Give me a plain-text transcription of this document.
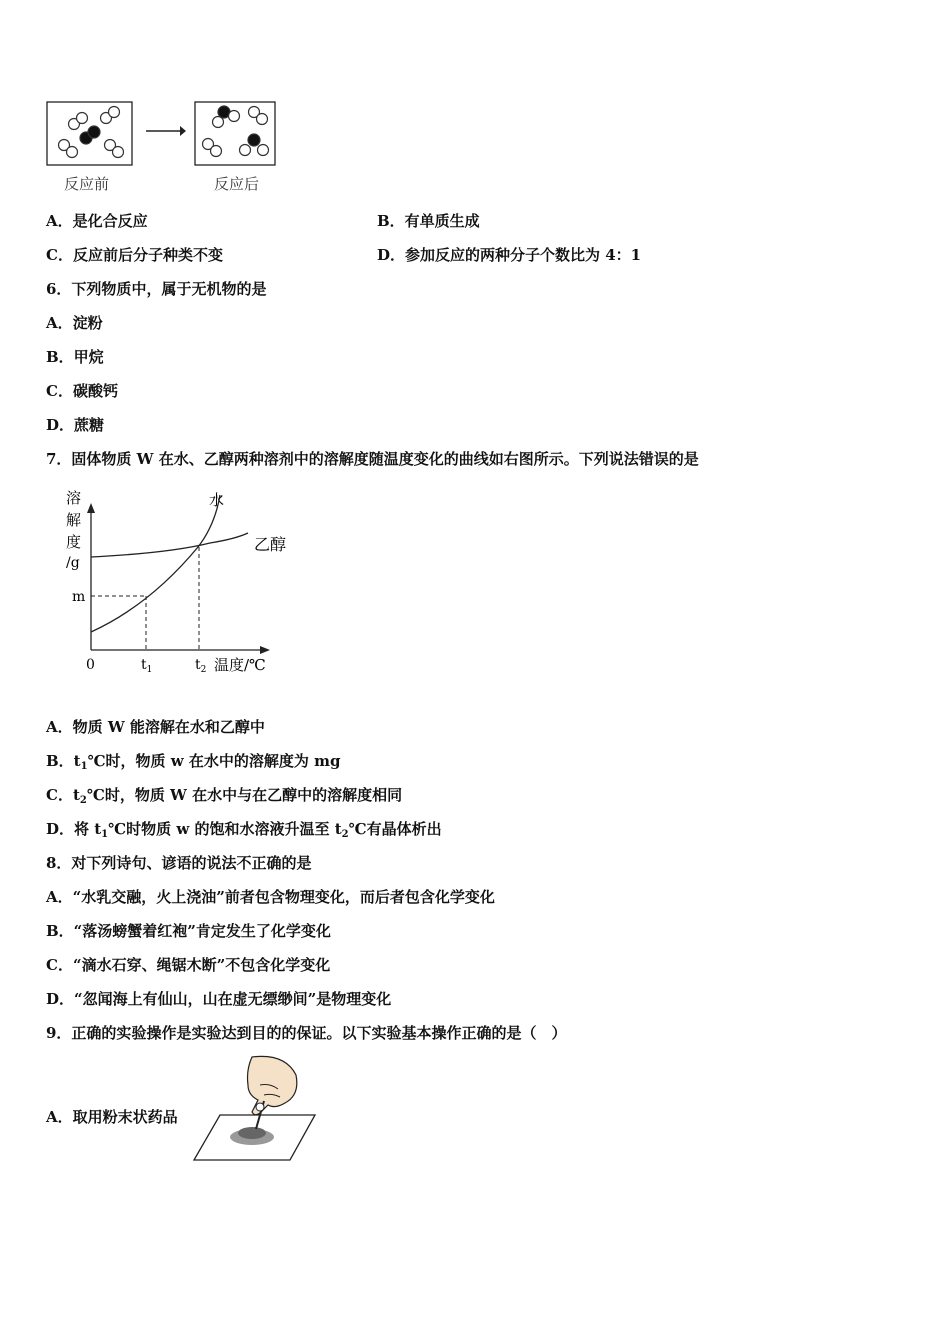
反应前	反应后
A．是化合反应	B．有单质生成
C．反应前后分子种类不变	D．参加反应的两种分子个数比为 4：1
6．下列物质中，属于无机物的是
A．淀粉
B．甲烷
C．碳酸钙
D．蔗糖
7．固体物质 W 在水、乙醇两种溶剂中的溶解度随温度变化的曲线如右图所示。下列说法错误的是
溶
解
度
/g
m
0	$t_1$	$t_2$ 温度/℃
水
乙醇
A．物质 W 能溶解在水和乙醇中
B．$t_1℃$时，物质 w 在水中的溶解度为 mg
C．$t_2℃$时，物质 W 在水中与在乙醇中的溶解度相同
D．将 $t_1℃$时物质 w 的饱和水溶液升温至 $t_2℃$有晶体析出
8．对下列诗句、谚语的说法不正确的是
A．“水乳交融，火上浇油”前者包含物理变化，而后者包含化学变化
B．“落汤螃蟹着红袍”肯定发生了化学变化
C．“滴水石穿、绳锯木断”不包含化学变化
D．“忽闻海上有仙山，山在虚无缥缈间”是物理变化
9．正确的实验操作是实验达到目的的保证。以下实验基本操作正确的是（　）
A．取用粉末状药品
